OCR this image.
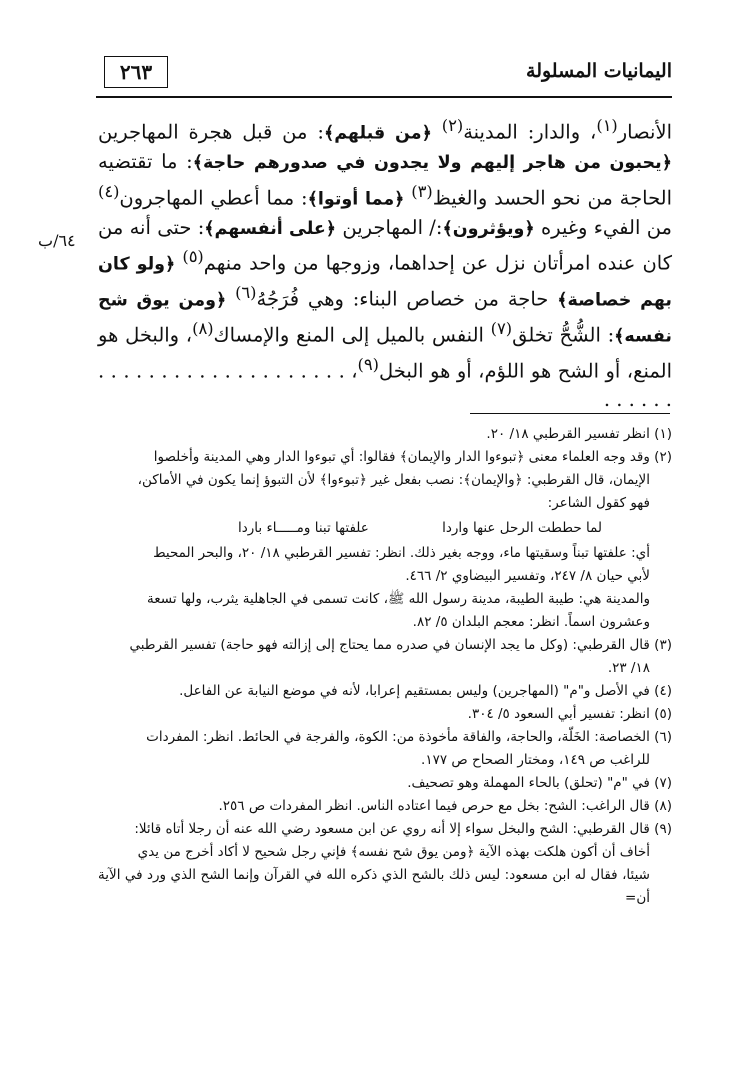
٢٦٣	اليمانيات المسلولة
٦٤/ب

الأنصار$^{(١)}$، والدار: المدينة$^{(٢)}$ ﴿من قبلهم﴾: من قبل هجرة المهاجرين ﴿يحبون من هاجر إليهم ولا يجدون في صدورهم حاجة﴾: ما تقتضيه الحاجة من نحو الحسد والغيظ$^{(٣)}$ ﴿مما أوتوا﴾: مما أعطي المهاجرون$^{(٤)}$ من الفيء وغيره ﴿ويؤثرون﴾:/ المهاجرين ﴿على أنفسهم﴾: حتى أنه من كان عنده امرأتان نزل عن إحداهما، وزوجها من واحد منهم$^{(٥)}$ ﴿ولو كان بهم خصاصة﴾ حاجة من خصاص البناء: وهي فُرَجُهُ$^{(٦)}$ ﴿ومن يوق شح نفسه﴾: الشُّحُّ تخلق$^{(٧)}$ النفس بالميل إلى المنع والإمساك$^{(٨)}$، والبخل هو المنع، أو الشح هو اللؤم، أو هو البخل$^{(٩)}$، . . . . . . . . . . . . . . . . . . . . . . . . . .

(١) انظر تفسير القرطبي ١٨/ ٢٠.

(٢) وقد وجه العلماء معنى ﴿تبوءوا الدار والإيمان﴾ فقالوا: أي تبوءوا الدار وهي المدينة وأخلصوا
الإيمان، قال القرطبي: ﴿والإيمان﴾: نصب بفعل غير ﴿تبوءوا﴾ لأن التبوؤ إنما يكون في الأماكن،
فهو كقول الشاعر:

لما حططت الرحل عنها واردا
علفتها تبنا ومـــــاء باردا

أي: علفتها تبناً وسقيتها ماء، ووجه بغير ذلك. انظر: تفسير القرطبي ١٨/ ٢٠، والبحر المحيط
لأبي حيان ٨/ ٢٤٧، وتفسير البيضاوي ٢/ ٤٦٦.
والمدينة هي: طيبة الطيبة، مدينة رسول الله ﷺ، كانت تسمى في الجاهلية يثرب، ولها تسعة
وعشرون اسماً. انظر: معجم البلدان ٥/ ٨٢.

(٣) قال القرطبي: (وكل ما يجد الإنسان في صدره مما يحتاج إلى إزالته فهو حاجة) تفسير القرطبي
١٨/ ٢٣.

(٤) في الأصل و"م" (المهاجرين) وليس بمستقيم إعرابا، لأنه في موضع النيابة عن الفاعل.

(٥) انظر: تفسير أبي السعود ٥/ ٣٠٤.

(٦) الخصاصة: الخَلّة، والحاجة، والفاقة مأخوذة من: الكوة، والفرجة في الحائط. انظر: المفردات
للراغب ص ١٤٩، ومختار الصحاح ص ١٧٧.

(٧) في "م" (تحلق) بالحاء المهملة وهو تصحيف.

(٨) قال الراغب: الشح: بخل مع حرص فيما اعتاده الناس. انظر المفردات ص ٢٥٦.

(٩) قال القرطبي: الشح والبخل سواء إلا أنه روي عن ابن مسعود رضي الله عنه أن رجلا أتاه قائلا:
أخاف أن أكون هلكت بهذه الآية ﴿ومن يوق شح نفسه﴾ فإني رجل شحيح لا أكاد أخرج من يدي
شيئا، فقال له ابن مسعود: ليس ذلك بالشح الذي ذكره الله في القرآن وإنما الشح الذي ورد في الآية أن=
